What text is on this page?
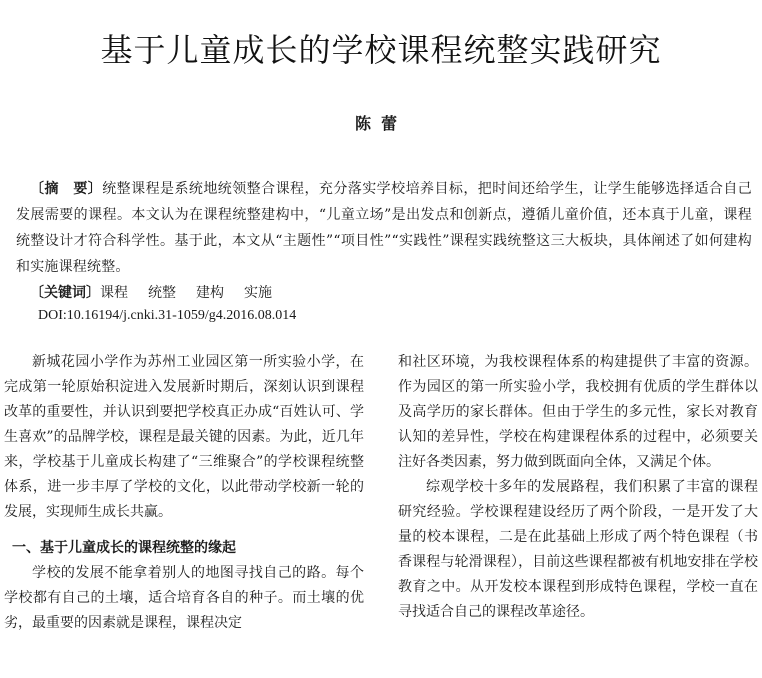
基于儿童成长的学校课程统整实践研究
陈蕾
〔摘　要〕统整课程是系统地统领整合课程，充分落实学校培养目标，把时间还给学生，让学生能够选择适合自己发展需要的课程。本文认为在课程统整建构中，“儿童立场”是出发点和创新点，遵循儿童价值，还本真于儿童，课程统整设计才符合科学性。基于此，本文从“主题性”“项目性”“实践性”课程实践统整这三大板块，具体阐述了如何建构和实施课程统整。
〔关键词〕课程 统整 建构 实施
DOI:10.16194/j.cnki.31-1059/g4.2016.08.014

新城花园小学作为苏州工业园区第一所实验小学，在完成第一轮原始积淀进入发展新时期后，深刻认识到课程改革的重要性，并认识到要把学校真正办成“百姓认可、学生喜欢”的品牌学校，课程是最关键的因素。为此，近几年来，学校基于儿童成长构建了“三维聚合”的学校课程统整体系，进一步丰厚了学校的文化，以此带动学校新一轮的发展，实现师生成长共赢。

一、基于儿童成长的课程统整的缘起

学校的发展不能拿着别人的地图寻找自己的路。每个学校都有自己的土壤，适合培育各自的种子。而土壤的优劣，最重要的因素就是课程，课程决定

和社区环境，为我校课程体系的构建提供了丰富的资源。作为园区的第一所实验小学，我校拥有优质的学生群体以及高学历的家长群体。但由于学生的多元性，家长对教育认知的差异性，学校在构建课程体系的过程中，必须要关注好各类因素，努力做到既面向全体，又满足个体。

综观学校十多年的发展路程，我们积累了丰富的课程研究经验。学校课程建设经历了两个阶段，一是开发了大量的校本课程，二是在此基础上形成了两个特色课程（书香课程与轮滑课程），目前这些课程都被有机地安排在学校教育之中。从开发校本课程到形成特色课程，学校一直在寻找适合自己的课程改革途径。
